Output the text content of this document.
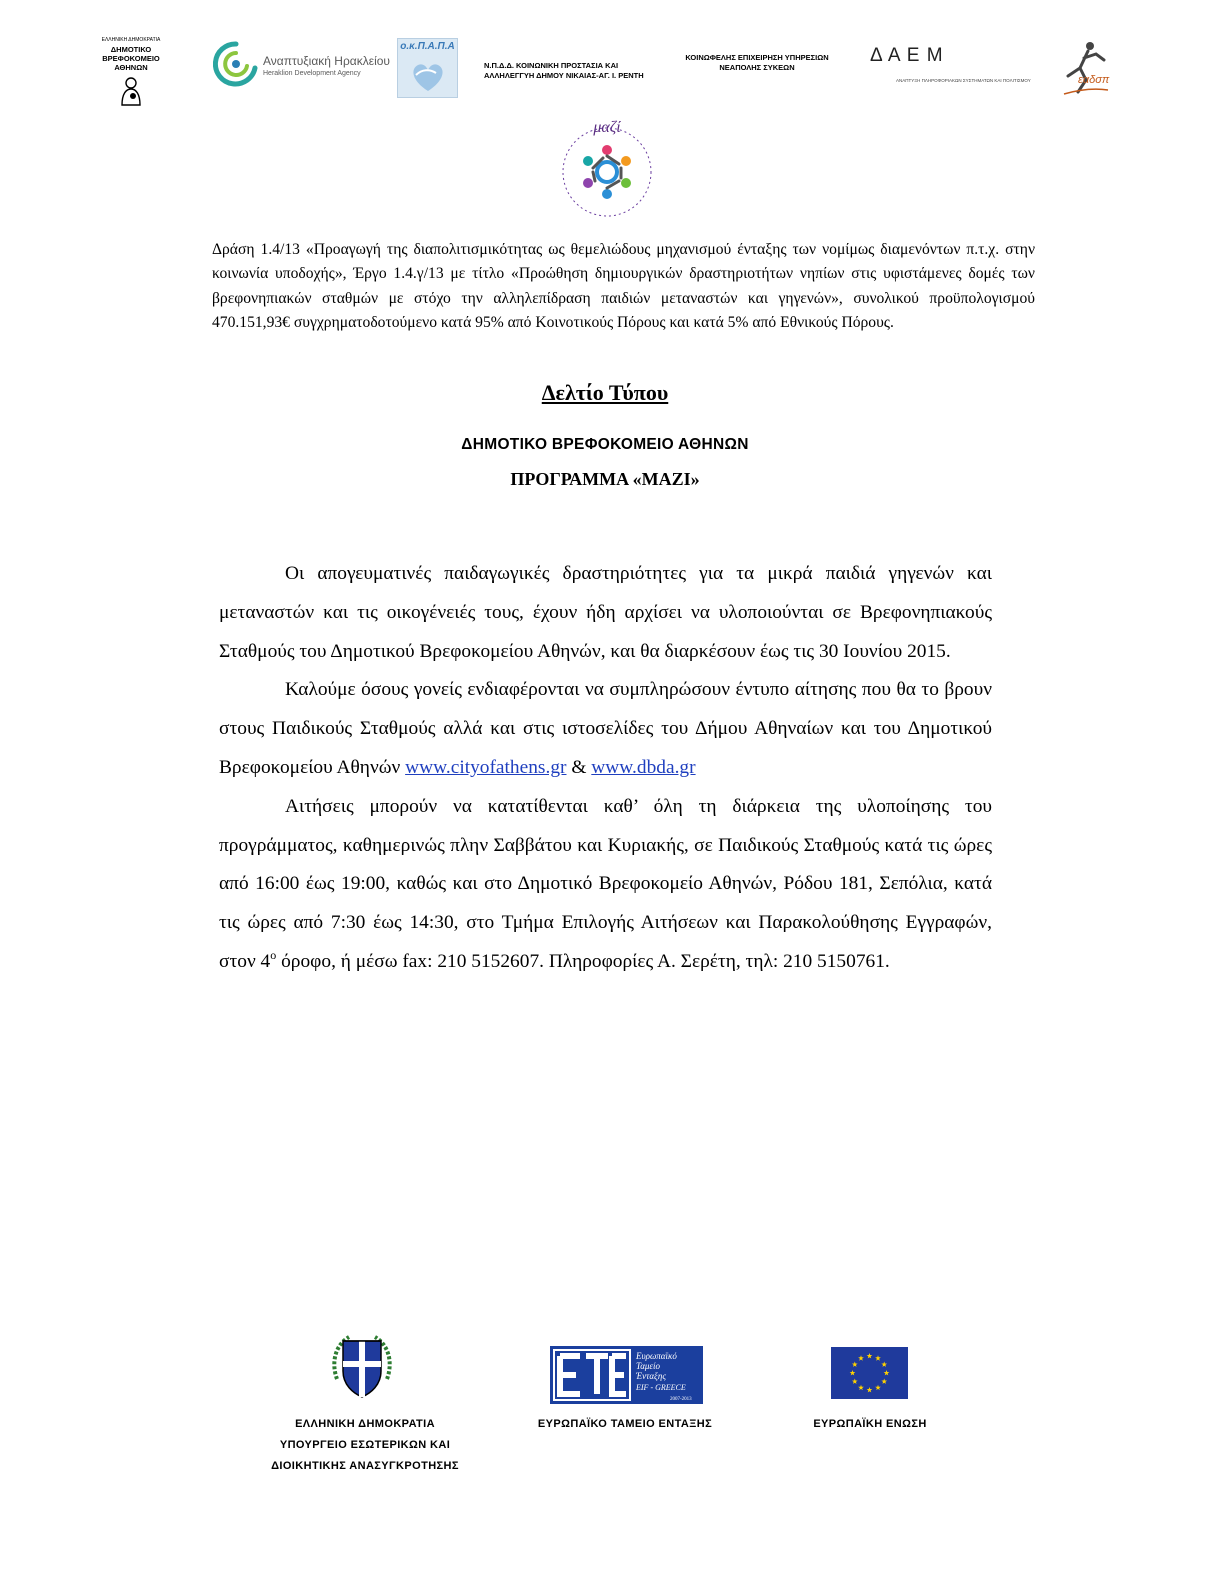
ΕΛΛΗΝΙΚΗ ΔΗΜΟΚΡΑΤΙΑ
ΔΗΜΟΤΙΚΟ ΒΡΕΦΟΚΟΜΕΙΟ
ΑΘΗΝΩΝ	Αναπτυξιακή Ηρακλείου
Heraklion Development Agency
ο.κ.Π.Α.Π.Α
Ν.Π.Δ.Δ. ΚΟΙΝΩΝΙΚΗ ΠΡΟΣΤΑΣΙΑ ΚΑΙ
ΑΛΛΗΛΕΓΓΥΗ ΔΗΜΟΥ ΝΙΚΑΙΑΣ-ΑΓ. Ι. ΡΕΝΤΗ
ΚΟΙΝΩΦΕΛΗΣ ΕΠΙΧΕΙΡΗΣΗ ΥΠΗΡΕΣΙΩΝ
ΝΕΑΠΟΛΗΣ ΣΥΚΕΩΝ
Δ Α Ε Μ
ΑΝΑΠΤΥΞΗ ΠΛΗΡΟΦΟΡΙΑΚΩΝ ΣΥΣΤΗΜΑΤΩΝ ΚΑΙ ΠΟΛΙΤΙΣΜΟΥ	εαδσπ
μαζί
Δράση 1.4/13 «Προαγωγή της διαπολιτισμικότητας ως θεμελιώδους μηχανισμού ένταξης των νομίμως διαμενόντων π.τ.χ. στην κοινωνία υποδοχής», Έργο 1.4.γ/13 με τίτλο «Προώθηση δημιουργικών δραστηριοτήτων νηπίων στις υφιστάμενες δομές των βρεφονηπιακών σταθμών με στόχο την αλληλεπίδραση παιδιών μεταναστών και γηγενών», συνολικού προϋπολογισμού 470.151,93€ συγχρηματοδοτούμενο κατά 95% από Κοινοτικούς Πόρους και κατά 5% από Εθνικούς Πόρους.
Δελτίο Τύπου
ΔΗΜΟΤΙΚΟ ΒΡΕΦΟΚΟΜΕΙΟ ΑΘΗΝΩΝ
ΠΡΟΓΡΑΜΜΑ «ΜΑΖΙ»

Οι απογευματινές παιδαγωγικές δραστηριότητες για τα μικρά παιδιά γηγενών και μεταναστών και τις οικογένειές τους, έχουν ήδη αρχίσει να υλοποιούνται σε Βρεφονηπιακούς Σταθμούς του Δημοτικού Βρεφοκομείου Αθηνών, και θα διαρκέσουν έως τις 30 Ιουνίου 2015.

Καλούμε όσους γονείς ενδιαφέρονται να συμπληρώσουν έντυπο αίτησης που θα το βρουν στους Παιδικούς Σταθμούς αλλά και στις ιστοσελίδες του Δήμου Αθηναίων και του Δημοτικού Βρεφοκομείου Αθηνών www.cityofathens.gr & www.dbda.gr

Αιτήσεις μπορούν να κατατίθενται καθ’ όλη τη διάρκεια της υλοποίησης του προγράμματος, καθημερινώς πλην Σαββάτου και Κυριακής, σε Παιδικούς Σταθμούς κατά τις ώρες από 16:00 έως 19:00, καθώς και στο Δημοτικό Βρεφοκομείο Αθηνών, Ρόδου 181, Σεπόλια, κατά τις ώρες από 7:30 έως 14:30, στο Τμήμα Επιλογής Αιτήσεων και Παρακολούθησης Εγγραφών, στον $4^o$ όροφο, ή μέσω fax: 210 5152607. Πληροφορίες Α. Σερέτη, τηλ: 210 5150761.

ΕΛΛΗΝΙΚΗ ΔΗΜΟΚΡΑΤΙΑ
ΥΠΟΥΡΓΕΙΟ ΕΣΩΤΕΡΙΚΩΝ ΚΑΙ
ΔΙΟΙΚΗΤΙΚΗΣ ΑΝΑΣΥΓΚΡΟΤΗΣΗΣ
Ευρωπαϊκό
Ταμείο
Ένταξης
EIF - GREECE
2007-2013
ΕΥΡΩΠΑΪΚΟ ΤΑΜΕΙΟ ΕΝΤΑΞΗΣ	ΕΥΡΩΠΑΪΚΗ ΕΝΩΣΗ
